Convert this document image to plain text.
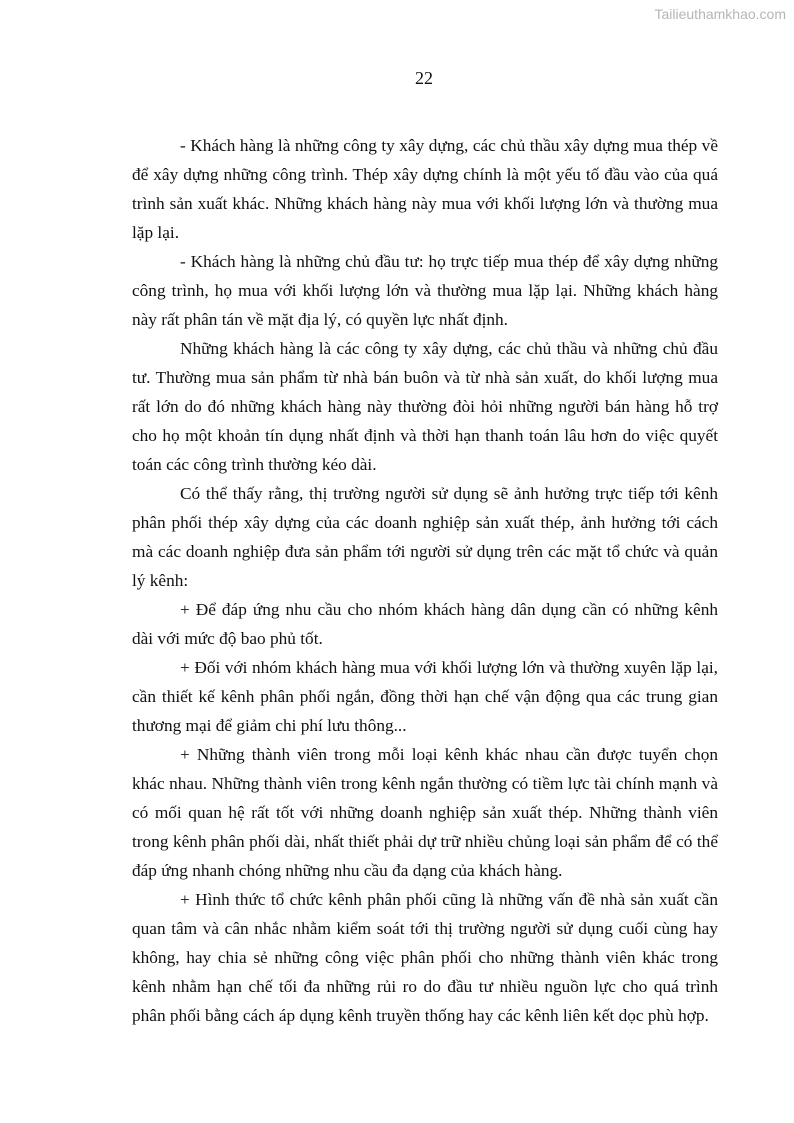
Tailieuthamkhao.com
22

- Khách hàng là những công ty xây dựng, các chủ thầu xây dựng mua thép về để xây dựng những công trình. Thép xây dựng chính là một yếu tố đầu vào của quá trình sản xuất khác. Những khách hàng này mua với khối lượng lớn và thường mua lặp lại.

- Khách hàng là những chủ đầu tư: họ trực tiếp mua thép để xây dựng những công trình, họ mua với khối lượng lớn và thường mua lặp lại. Những khách hàng này rất phân tán về mặt địa lý, có quyền lực nhất định.

Những khách hàng là các công ty xây dựng, các chủ thầu và những chủ đầu tư. Thường mua sản phẩm từ nhà bán buôn và từ nhà sản xuất, do khối lượng mua rất lớn do đó những khách hàng này thường đòi hỏi những người bán hàng hỗ trợ cho họ một khoản tín dụng nhất định và thời hạn thanh toán lâu hơn do việc quyết toán các công trình thường kéo dài.

Có thể thấy rằng, thị trường người sử dụng sẽ ảnh hưởng trực tiếp tới kênh phân phối thép xây dựng của các doanh nghiệp sản xuất thép, ảnh hưởng tới cách mà các doanh nghiệp đưa sản phẩm tới người sử dụng trên các mặt tổ chức và quản lý kênh:

+ Để đáp ứng nhu cầu cho nhóm khách hàng dân dụng cần có những kênh dài với mức độ bao phủ tốt.

+ Đối với nhóm khách hàng mua với khối lượng lớn và thường xuyên lặp lại, cần thiết kế kênh phân phối ngắn, đồng thời hạn chế vận động qua các trung gian thương mại để giảm chi phí lưu thông...

+ Những thành viên trong mỗi loại kênh khác nhau cần được tuyển chọn khác nhau. Những thành viên trong kênh ngắn thường có tiềm lực tài chính mạnh và có mối quan hệ rất tốt với những doanh nghiệp sản xuất thép. Những thành viên trong kênh phân phối dài, nhất thiết phải dự trữ nhiều chủng loại sản phẩm để có thể đáp ứng nhanh chóng những nhu cầu đa dạng của khách hàng.

+ Hình thức tổ chức kênh phân phối cũng là những vấn đề nhà sản xuất cần quan tâm và cân nhắc nhằm kiểm soát tới thị trường người sử dụng cuối cùng hay không, hay chia sẻ những công việc phân phối cho những thành viên khác trong kênh nhằm hạn chế tối đa những rủi ro do đầu tư nhiều nguồn lực cho quá trình phân phối bằng cách áp dụng kênh truyền thống hay các kênh liên kết dọc phù hợp.
